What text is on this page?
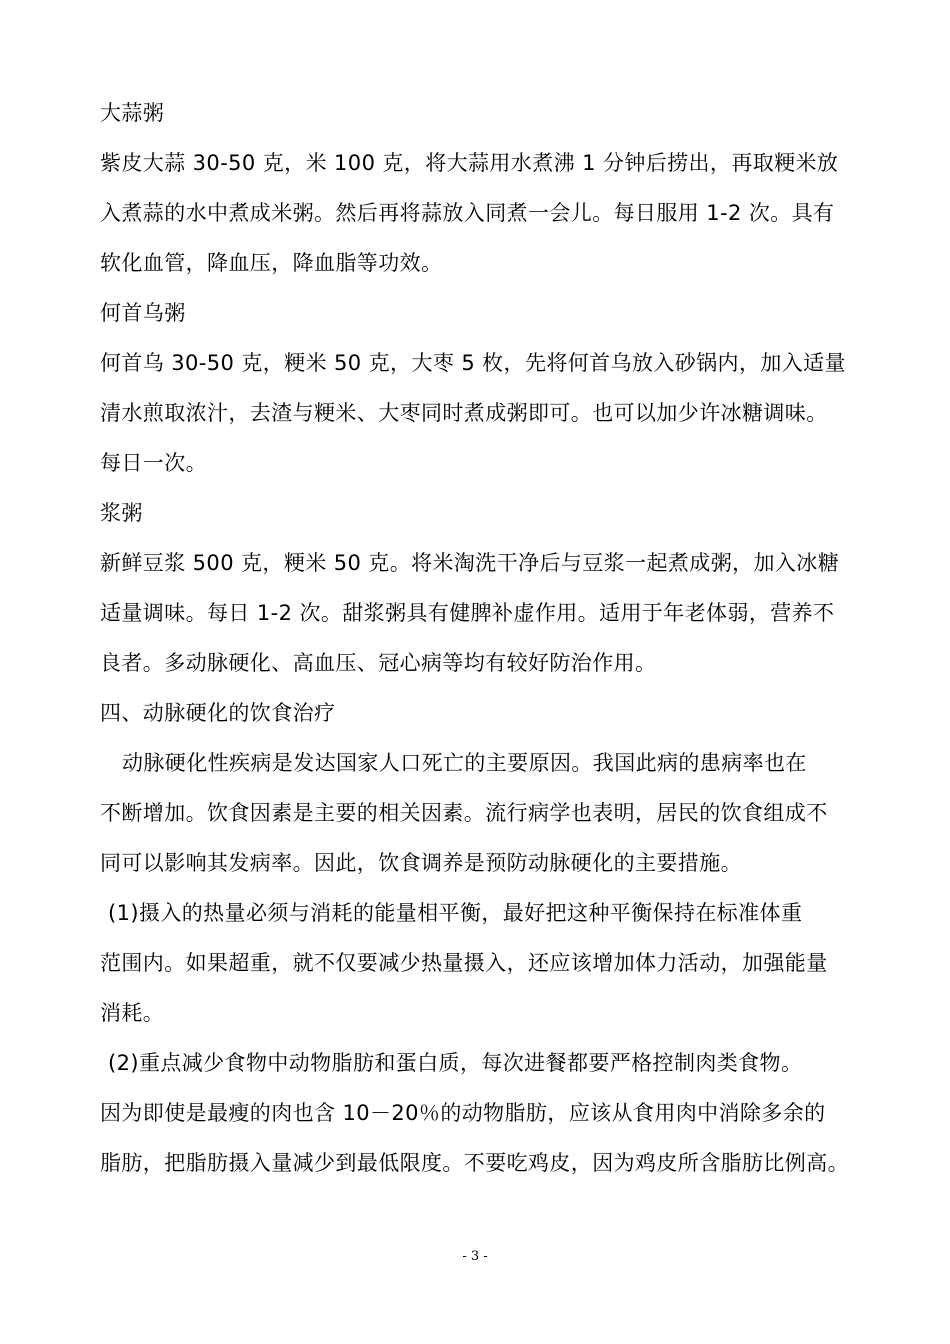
大蒜粥
紫皮大蒜 30-50 克，米 100 克，将大蒜用水煮沸 1 分钟后捞出，再取粳米放
入煮蒜的水中煮成米粥。然后再将蒜放入同煮一会儿。每日服用 1-2 次。具有
软化血管，降血压，降血脂等功效。
何首乌粥
何首乌 30-50 克，粳米 50 克，大枣 5 枚，先将何首乌放入砂锅内，加入适量
清水煎取浓汁，去渣与粳米、大枣同时煮成粥即可。也可以加少许冰糖调味。
每日一次。
浆粥
新鲜豆浆 500 克，粳米 50 克。将米淘洗干净后与豆浆一起煮成粥，加入冰糖
适量调味。每日 1-2 次。甜浆粥具有健脾补虚作用。适用于年老体弱，营养不
良者。多动脉硬化、高血压、冠心病等均有较好防治作用。
四、动脉硬化的饮食治疗
动脉硬化性疾病是发达国家人口死亡的主要原因。我国此病的患病率也在
不断增加。饮食因素是主要的相关因素。流行病学也表明，居民的饮食组成不
同可以影响其发病率。因此，饮食调养是预防动脉硬化的主要措施。
(1)摄入的热量必须与消耗的能量相平衡，最好把这种平衡保持在标准体重
范围内。如果超重，就不仅要减少热量摄入，还应该增加体力活动，加强能量
消耗。
(2)重点减少食物中动物脂肪和蛋白质，每次进餐都要严格控制肉类食物。
因为即使是最瘦的肉也含 10－20％的动物脂肪，应该从食用肉中消除多余的
脂肪，把脂肪摄入量减少到最低限度。不要吃鸡皮，因为鸡皮所含脂肪比例高。
- 3 -
